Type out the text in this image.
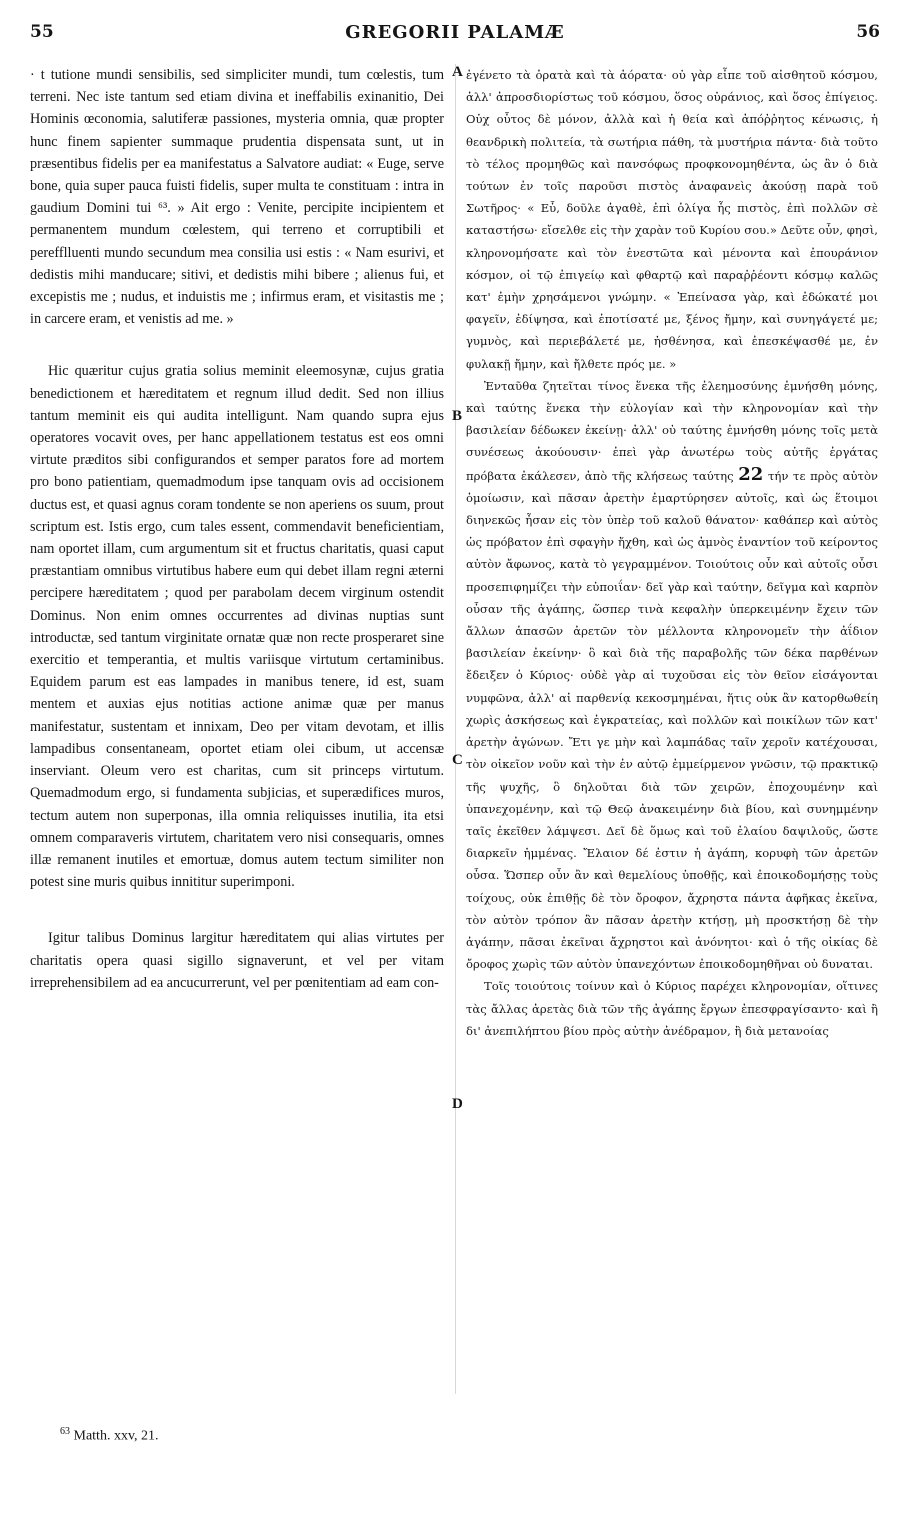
55	GREGORII PALAMÆ	56

· t tutione mundi sensibilis, sed simpliciter mundi, tum cœlestis, tum terreni. Nec iste tantum sed etiam divina et ineffabilis exinanitio, Dei Hominis œconomia, salutiferæ passiones, mysteria omnia, quæ propter hunc finem sapienter summaque prudentia dispensata sunt, ut in præsentibus fidelis per ea manifestatus a Salvatore audiat: « Euge, serve bone, quia super pauca fuisti fidelis, super multa te constituam : intra in gaudium Domini tui ⁶³. » Ait ergo : Venite, percipite incipientem et permanentem mundum cœlestem, qui terreno et corruptibili et perefflluenti mundo secundum mea consilia usi estis : « Nam esurivi, et dedistis mihi manducare; sitivi, et dedistis mihi bibere ; alienus fui, et excepistis me ; nudus, et induistis me ; infirmus eram, et visitastis me ; in carcere eram, et venistis ad me. »

Hic quæritur cujus gratia solius meminit eleemosynæ, cujus gratia benedictionem et hæreditatem et regnum illud dedit. Sed non illius tantum meminit eis qui audita intelligunt. Nam quando supra ejus operatores vocavit oves, per hanc appellationem testatus est eos omni virtute præditos sibi configurandos et semper paratos fore ad mortem pro bono patientiam, quemadmodum ipse tanquam ovis ad occisionem ductus est, et quasi agnus coram tondente se non aperiens os suum, prout scriptum est. Istis ergo, cum tales essent, commendavit beneficientiam, nam oportet illam, cum argumentum sit et fructus charitatis, quasi caput præstantiam omnibus virtutibus habere eum qui debet illam regni æterni percipere hæreditatem ; quod per parabolam decem virginum ostendit Dominus. Non enim omnes occurrentes ad divinas nuptias sunt introductæ, sed tantum virginitate ornatæ quæ non recte prosperaret sine exercitio et temperantia, et multis variisque virtutum certaminibus. Equidem parum est eas lampades in manibus tenere, id est, suam mentem et auxias ejus notitias actione animæ quæ per manus manifestatur, sustentam et innixam, Deo per vitam devotam, et illis lampadibus consentaneam, oportet etiam olei cibum, ut accensæ inserviant. Oleum vero est charitas, cum sit princeps virtutum. Quemadmodum ergo, si fundamenta subjicias, et superædifices muros, tectum autem non superponas, illa omnia reliquisses inutilia, ita etsi omnem comparaveris virtutem, charitatem vero nisi consequaris, omnes illæ remanent inutiles et emortuæ, domus autem tectum similiter non potest sine muris quibus innititur superimponi.

Igitur talibus Dominus largitur hæreditatem qui alias virtutes per charitatis opera quasi sigillo signaverunt, et vel per vitam irreprehensibilem ad ea ancucurrerunt, vel per pœnitentiam ad eam con-

A
B
C
D

ἐγένετο τὰ ὁρατὰ καὶ τὰ ἀόρατα· οὐ γὰρ εἶπε τοῦ αἰσθητοῦ κόσμου, ἀλλ' ἀπροσδιορίστως τοῦ κόσμου, ὅσος οὐράνιος, καὶ ὅσος ἐπίγειος. Οὐχ οὗτος δὲ μόνον, ἀλλὰ καὶ ἡ θεία καὶ ἀπόῤῥητος κένωσις, ἡ θεανδρικὴ πολιτεία, τὰ σωτήρια πάθη, τὰ μυστήρια πάντα· διὰ τοῦτο τὸ τέλος προμηθῶς καὶ πανσόφως προφκονομηθέντα, ὡς ἂν ὁ διὰ τούτων ἐν τοῖς παροῦσι πιστὸς ἀναφανεὶς ἀκούσῃ παρὰ τοῦ Σωτῆρος· « Εὖ, δοῦλε ἀγαθὲ, ἐπὶ ὀλίγα ἧς πιστὸς, ἐπὶ πολλῶν σὲ καταστήσω· εἴσελθε εἰς τὴν χαρὰν τοῦ Κυρίου σου.» Δεῦτε οὖν, φησὶ, κληρονομήσατε καὶ τὸν ἐνεστῶτα καὶ μένοντα καὶ ἐπουράνιον κόσμον, οἱ τῷ ἐπιγείῳ καὶ φθαρτῷ καὶ παραῤῥέοντι κόσμῳ καλῶς κατ' ἐμὴν χρησάμενοι γνώμην. « Ἐπείνασα γὰρ, καὶ ἐδώκατέ μοι φαγεῖν, ἐδίψησα, καὶ ἐποτίσατέ με, ξένος ἤμην, καὶ συνηγάγετέ με; γυμνὸς, καὶ περιεβάλετέ με, ἠσθένησα, καὶ ἐπεσκέψασθέ με, ἐν φυλακῇ ἤμην, καὶ ἤλθετε πρός με. »

Ἐνταῦθα ζητεῖται τίνος ἕνεκα τῆς ἐλεημοσύνης ἐμνήσθη μόνης, καὶ ταύτης ἕνεκα τὴν εὐλογίαν καὶ τὴν κληρονομίαν καὶ τὴν βασιλείαν δέδωκεν ἐκείνῃ· ἀλλ' οὐ ταύτης ἐμνήσθη μόνης τοῖς μετὰ συνέσεως ἀκούουσιν· ἐπεὶ γὰρ ἀνωτέρω τοὺς αὐτῆς ἐργάτας πρόβατα ἐκάλεσεν, ἀπὸ τῆς κλήσεως ταύτης 22 τήν τε πρὸς αὐτὸν ὁμοίωσιν, καὶ πᾶσαν ἀρετὴν ἐμαρτύρησεν αὐτοῖς, καὶ ὡς ἕτοιμοι διηνεκῶς ἦσαν εἰς τὸν ὑπὲρ τοῦ καλοῦ θάνατον· καθάπερ καὶ αὐτὸς ὡς πρόβατον ἐπὶ σφαγὴν ἤχθη, καὶ ὡς ἀμνὸς ἐναντίον τοῦ κείροντος αὐτὸν ἄφωνος, κατὰ τὸ γεγραμμένον. Τοιούτοις οὖν καὶ αὐτοῖς οὖσι προσεπιφημίζει τὴν εὐποιΐαν· δεῖ γὰρ καὶ ταύτην, δεῖγμα καὶ καρπὸν οὖσαν τῆς ἀγάπης, ὥσπερ τινὰ κεφαλὴν ὑπερκειμένην ἔχειν τῶν ἄλλων ἁπασῶν ἀρετῶν τὸν μέλλοντα κληρονομεῖν τὴν ἀΐδιον βασιλείαν ἐκείνην· ὃ καὶ διὰ τῆς παραβολῆς τῶν δέκα παρθένων ἔδειξεν ὁ Κύριος· οὐδὲ γὰρ αἱ τυχοῦσαι εἰς τὸν θεῖον εἰσάγονται νυμφῶνα, ἀλλ' αἱ παρθενίᾳ κεκοσμημέναι, ἥτις οὐκ ἂν κατορθωθείη χωρὶς ἀσκήσεως καὶ ἐγκρατείας, καὶ πολλῶν καὶ ποικίλων τῶν κατ' ἀρετὴν ἀγώνων. Ἔτι γε μὴν καὶ λαμπάδας ταῖν χεροῖν κατέχουσαι, τὸν οἰκεῖον νοῦν καὶ τὴν ἐν αὐτῷ ἐμμείρμενον γνῶσιν, τῷ πρακτικῷ τῆς ψυχῆς, ὃ δηλοῦται διὰ τῶν χειρῶν, ἐποχουμένην καὶ ὑπανεχομένην, καὶ τῷ Θεῷ ἀνακειμένην διὰ βίου, καὶ συνημμένην ταῖς ἐκεῖθεν λάμψεσι. Δεῖ δὲ ὅμως καὶ τοῦ ἐλαίου δαψιλοῦς, ὥστε διαρκεῖν ἡμμένας. Ἔλαιον δέ ἐστιν ἡ ἀγάπη, κορυφὴ τῶν ἀρετῶν οὖσα. Ὥσπερ οὖν ἂν καὶ θεμελίους ὑποθῇς, καὶ ἐποικοδομήσῃς τοὺς τοίχους, οὐκ ἐπιθῇς δὲ τὸν ὄροφον, ἄχρηστα πάντα ἀφῆκας ἐκεῖνα, τὸν αὐτὸν τρόπον ἂν πᾶσαν ἀρετὴν κτήσῃ, μὴ προσκτήσῃ δὲ τὴν ἀγάπην, πᾶσαι ἐκεῖναι ἄχρηστοι καὶ ἀνόνητοι· καὶ ὁ τῆς οἰκίας δὲ ὄροφος χωρὶς τῶν αὐτὸν ὑπανεχόντων ἐποικοδομηθῆναι οὐ δυναται.

Τοῖς τοιούτοις τοίνυν καὶ ὁ Κύριος παρέχει κληρονομίαν, οἵτινες τὰς ἄλλας ἀρετὰς διὰ τῶν τῆς ἀγάπης ἔργων ἐπεσφραγίσαντο· καὶ ἢ δι' ἀνεπιλήπτου βίου πρὸς αὐτὴν ἀνέδραμον, ἢ διὰ μετανοίας

$^{63}$ Matth. xxv, 21.
